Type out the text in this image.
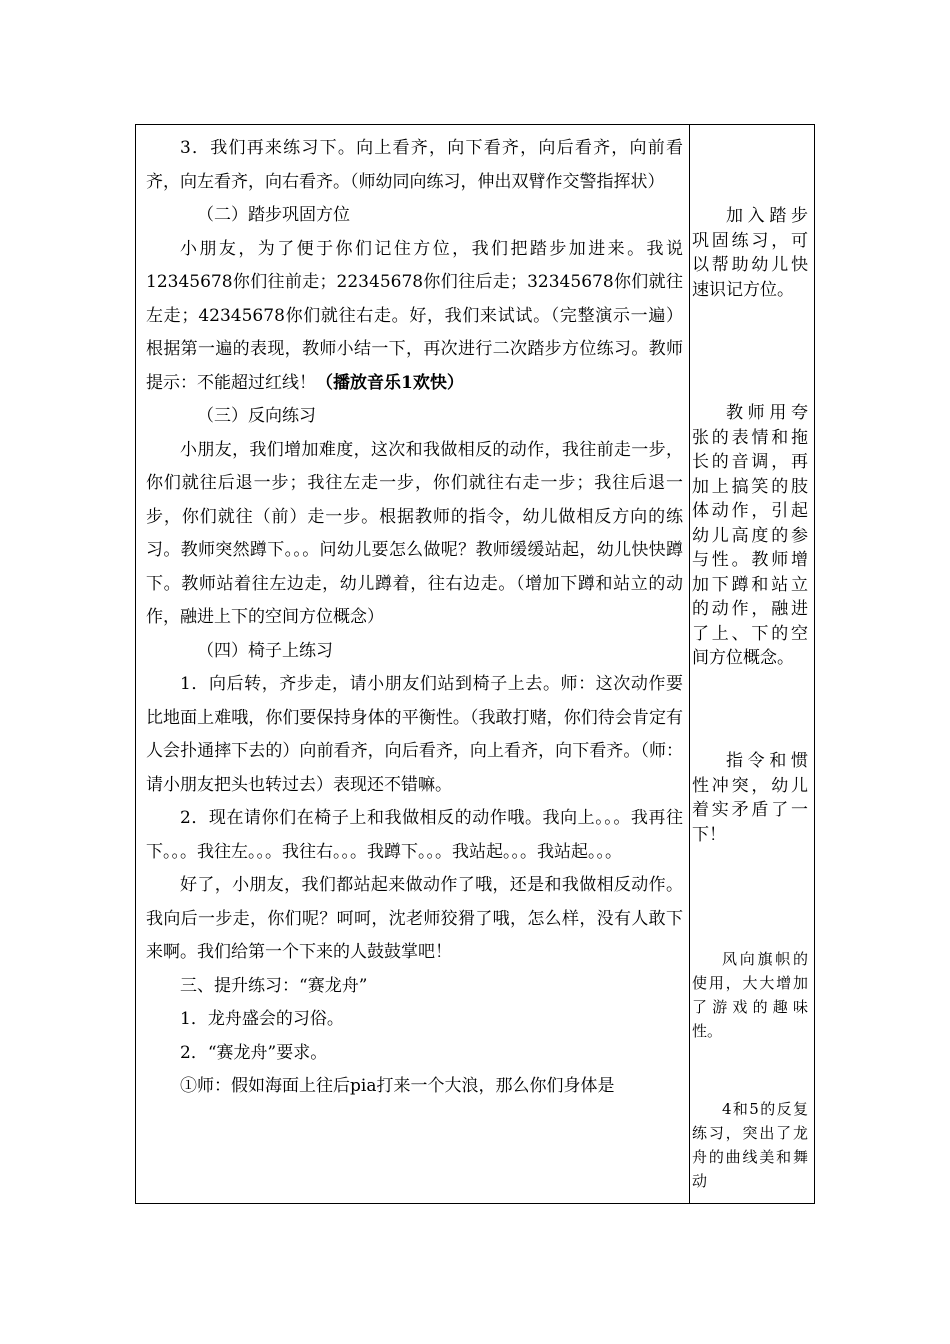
3．我们再来练习下。向上看齐，向下看齐，向后看齐，向前看齐，向左看齐，向右看齐。（师幼同向练习，伸出双臂作交警指挥状）

（二）踏步巩固方位

小朋友，为了便于你们记住方位，我们把踏步加进来。我说12345678你们往前走；22345678你们往后走；32345678你们就往左走；42345678你们就往右走。好，我们来试试。（完整演示一遍）根据第一遍的表现，教师小结一下，再次进行二次踏步方位练习。教师提示：不能超过红线！（播放音乐1欢快）

（三）反向练习

小朋友，我们增加难度，这次和我做相反的动作，我往前走一步，你们就往后退一步；我往左走一步，你们就往右走一步；我往后退一步，你们就往（前）走一步。根据教师的指令，幼儿做相反方向的练习。教师突然蹲下。。。问幼儿要怎么做呢？教师缓缓站起，幼儿快快蹲下。教师站着往左边走，幼儿蹲着，往右边走。（增加下蹲和站立的动作，融进上下的空间方位概念）

（四）椅子上练习

1．向后转，齐步走，请小朋友们站到椅子上去。师：这次动作要比地面上难哦，你们要保持身体的平衡性。（我敢打赌，你们待会肯定有人会扑通摔下去的）向前看齐，向后看齐，向上看齐，向下看齐。（师：请小朋友把头也转过去）表现还不错嘛。

2．现在请你们在椅子上和我做相反的动作哦。我向上。。。我再往下。。。我往左。。。我往右。。。我蹲下。。。我站起。。。我站起。。。

好了，小朋友，我们都站起来做动作了哦，还是和我做相反动作。我向后一步走，你们呢？呵呵，沈老师狡猾了哦，怎么样，没有人敢下来啊。我们给第一个下来的人鼓鼓掌吧！

三、提升练习：“赛龙舟”

1．龙舟盛会的习俗。

2．“赛龙舟”要求。

①师：假如海面上往后pia打来一个大浪，那么你们身体是

加入踏步巩固练习，可以帮助幼儿快速识记方位。

教师用夸张的表情和拖长的音调，再加上搞笑的肢体动作，引起幼儿高度的参与性。教师增加下蹲和站立的动作，融进了上、下的空间方位概念。

指令和惯性冲突，幼儿着实矛盾了一下！

风向旗帜的使用，大大增加了游戏的趣味性。

4和5的反复练习，突出了龙舟的曲线美和舞动
